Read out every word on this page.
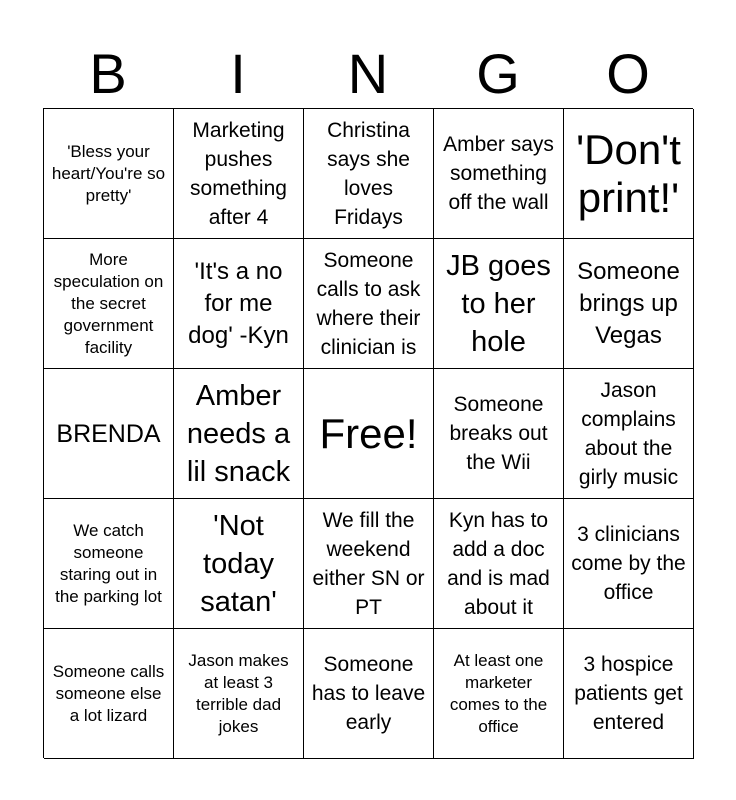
B	I	N	G	O
'Bless your heart/You're so pretty'
Marketing pushes something after 4
Christina says she loves Fridays
Amber says something off the wall
'Don't print!'
More speculation on the secret government facility
'It's a no for me dog' -Kyn
Someone calls to ask where their clinician is
JB goes to her hole
Someone brings up Vegas
BRENDA
Amber needs a lil snack
Free!
Someone breaks out the Wii
Jason complains about the girly music
We catch someone staring out in the parking lot
'Not today satan'
We fill the weekend either SN or PT
Kyn has to add a doc and is mad about it
3 clinicians come by the office
Someone calls someone else a lot lizard
Jason makes at least 3 terrible dad jokes
Someone has to leave early
At least one marketer comes to the office
3 hospice patients get entered
